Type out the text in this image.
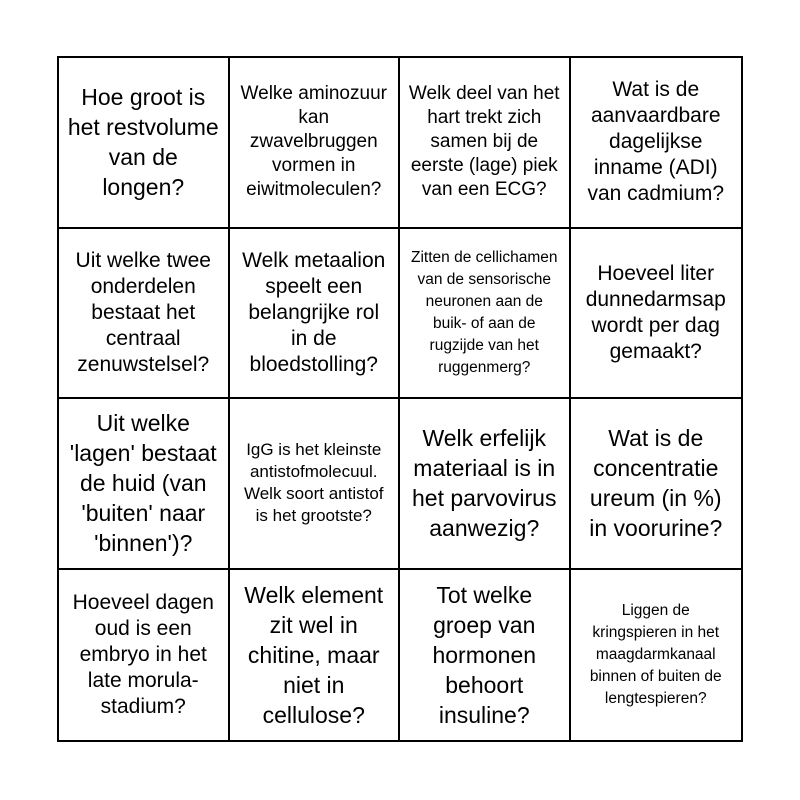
Hoe groot is het restvolume van de longen?
Welke aminozuur kan zwavelbruggen vormen in eiwitmoleculen?
Welk deel van het hart trekt zich samen bij de eerste (lage) piek van een ECG?
Wat is de aanvaardbare dagelijkse inname (ADI) van cadmium?
Uit welke twee onderdelen bestaat het centraal zenuwstelsel?
Welk metaalion speelt een belangrijke rol in de bloedstolling?
Zitten de cellichamen van de sensorische neuronen aan de buik- of aan de rugzijde van het ruggenmerg?
Hoeveel liter dunnedarmsap wordt per dag gemaakt?
Uit welke 'lagen' bestaat de huid (van 'buiten' naar 'binnen')?
IgG is het kleinste antistofmolecuul. Welk soort antistof is het grootste?
Welk erfelijk materiaal is in het parvovirus aanwezig?
Wat is de concentratie ureum (in %) in voorurine?
Hoeveel dagen oud is een embryo in het late morula-stadium?
Welk element zit wel in chitine, maar niet in cellulose?
Tot welke groep van hormonen behoort insuline?
Liggen de kringspieren in het maagdarmkanaal binnen of buiten de lengtespieren?
